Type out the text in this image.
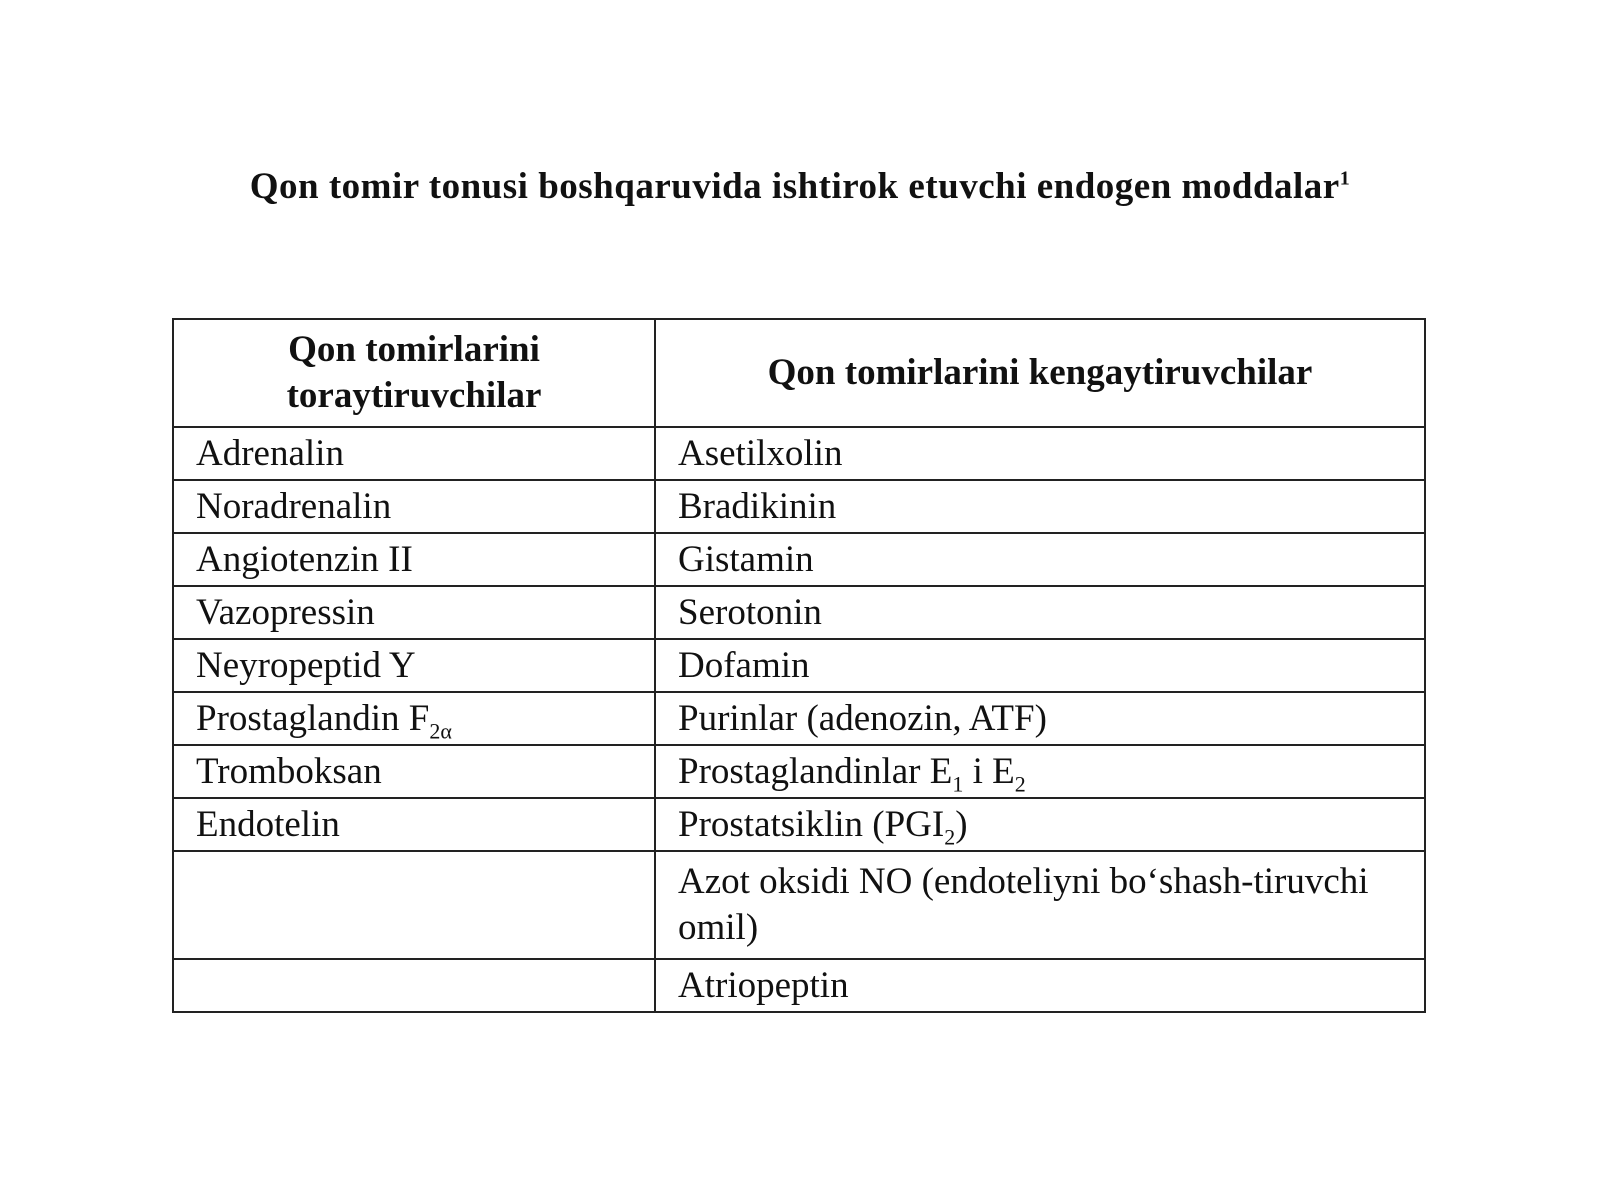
Qon tomir tonusi boshqaruvida ishtirok etuvchi endogen moddalar$^1$
Qon tomirlarini toraytiruvchilar	Qon tomirlarini kengaytiruvchilar
Adrenalin	Asetilxolin
Noradrenalin	Bradikinin
Angiotenzin II	Gistamin
Vazopressin	Serotonin
Neyropeptid Y	Dofamin
Prostaglandin $F_{2\alpha}$	Purinlar (adenozin, ATF)
Tromboksan	Prostaglandinlar $E_1$ i $E_2$
Endotelin	Prostatsiklin $(PGI_2)$
	Azot oksidi NO (endoteliyni bo‘shash-tiruvchi omil)
	Atriopeptin
